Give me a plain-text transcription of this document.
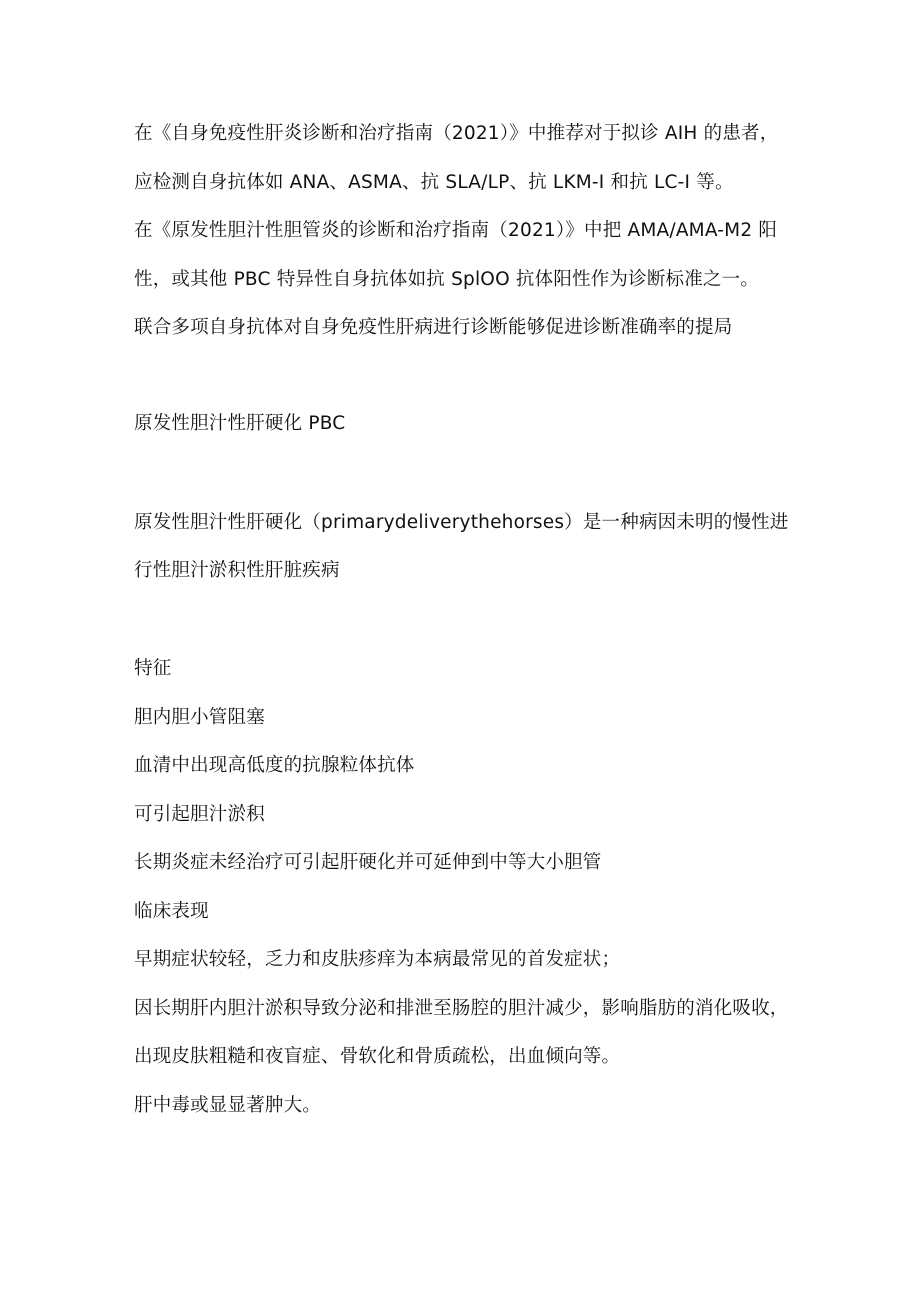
在《自身免疫性肝炎诊断和治疗指南（2021）》中推荐对于拟诊 AIH 的患者，

应检测自身抗体如 ANA、ASMA、抗 SLA/LP、抗 LKM-I 和抗 LC-I 等。

在《原发性胆汁性胆管炎的诊断和治疗指南（2021）》中把 AMA/AMA-M2 阳

性，或其他 PBC 特异性自身抗体如抗 SplOO 抗体阳性作为诊断标准之一。

联合多项自身抗体对自身免疫性肝病进行诊断能够促进诊断准确率的提局

原发性胆汁性肝硬化 PBC

原发性胆汁性肝硬化（primarydeliverythehorses）是一种病因未明的慢性进

行性胆汁淤积性肝脏疾病

特征

胆内胆小管阻塞

血清中出现高低度的抗腺粒体抗体

可引起胆汁淤积

长期炎症未经治疗可引起肝硬化并可延伸到中等大小胆管

临床表现

早期症状较轻，乏力和皮肤疹痒为本病最常见的首发症状；

因长期肝内胆汁淤积导致分泌和排泄至肠腔的胆汁减少，影响脂肪的消化吸收，

出现皮肤粗糙和夜盲症、骨软化和骨质疏松，出血倾向等。

肝中毒或显显著肿大。
